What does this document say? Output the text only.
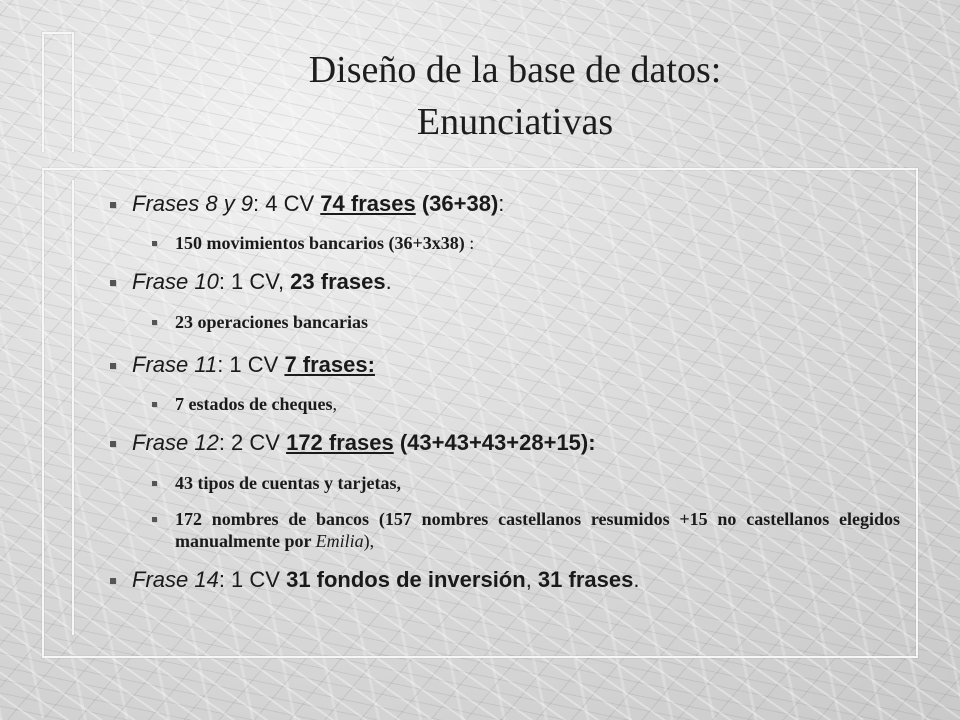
Diseño de la base de datos:
Enunciativas

Frases 8 y 9: 4 CV 74 frases (36+38):

150 movimientos bancarios (36+3x38) :

Frase 10: 1 CV, 23 frases.

23 operaciones bancarias

Frase 11: 1 CV 7 frases:

7 estados de cheques,

Frase 12: 2 CV 172 frases (43+43+43+28+15):

43 tipos de cuentas y tarjetas,

172 nombres de bancos (157 nombres castellanos resumidos +15 no castellanos elegidos manualmente por Emilia),

Frase 14: 1 CV 31 fondos de inversión, 31 frases.
